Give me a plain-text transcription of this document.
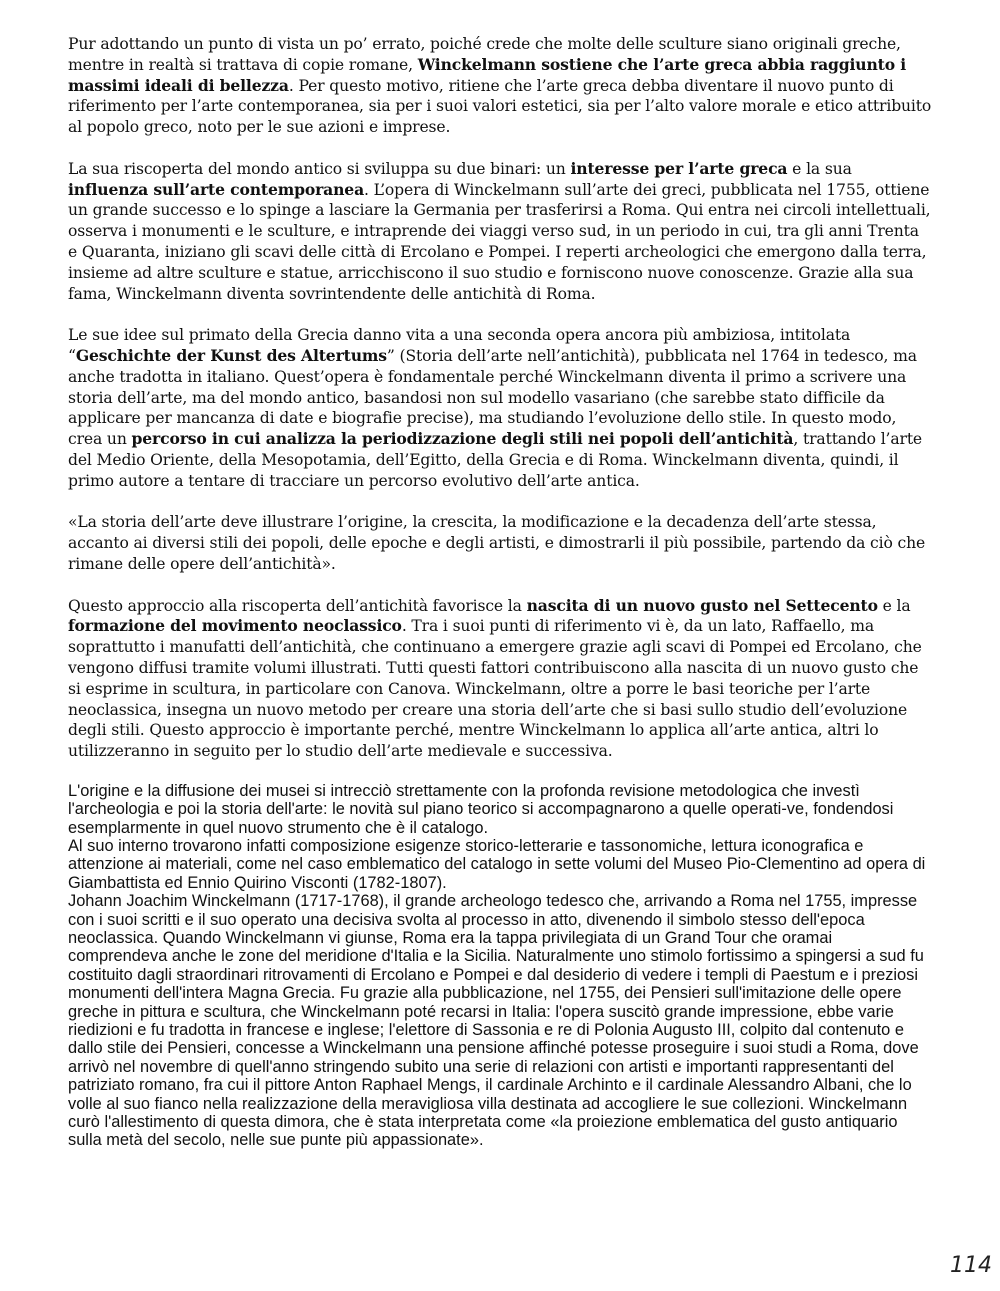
Pur adottando un punto di vista un po’ errato, poiché crede che molte delle sculture siano originali greche, mentre in realtà si trattava di copie romane, Winckelmann sostiene che l’arte greca abbia raggiunto i massimi ideali di bellezza. Per questo motivo, ritiene che l’arte greca debba diventare il nuovo punto di riferimento per l’arte contemporanea, sia per i suoi valori estetici, sia per l’alto valore morale e etico attribuito al popolo greco, noto per le sue azioni e imprese.

La sua riscoperta del mondo antico si sviluppa su due binari: un interesse per l’arte greca e la sua influenza sull’arte contemporanea. L’opera di Winckelmann sull’arte dei greci, pubblicata nel 1755, ottiene un grande successo e lo spinge a lasciare la Germania per trasferirsi a Roma. Qui entra nei circoli intellettuali, osserva i monumenti e le sculture, e intraprende dei viaggi verso sud, in un periodo in cui, tra gli anni Trenta e Quaranta, iniziano gli scavi delle città di Ercolano e Pompei. I reperti archeologici che emergono dalla terra, insieme ad altre sculture e statue, arricchiscono il suo studio e forniscono nuove conoscenze. Grazie alla sua fama, Winckelmann diventa sovrintendente delle antichità di Roma.

Le sue idee sul primato della Grecia danno vita a una seconda opera ancora più ambiziosa, intitolata “Geschichte der Kunst des Altertums” (Storia dell’arte nell’antichità), pubblicata nel 1764 in tedesco, ma anche tradotta in italiano. Quest’opera è fondamentale perché Winckelmann diventa il primo a scrivere una storia dell’arte, ma del mondo antico, basandosi non sul modello vasariano (che sarebbe stato difficile da applicare per mancanza di date e biografie precise), ma studiando l’evoluzione dello stile. In questo modo, crea un percorso in cui analizza la periodizzazione degli stili nei popoli dell’antichità, trattando l’arte del Medio Oriente, della Mesopotamia, dell’Egitto, della Grecia e di Roma. Winckelmann diventa, quindi, il primo autore a tentare di tracciare un percorso evolutivo dell’arte antica.

«La storia dell’arte deve illustrare l’origine, la crescita, la modificazione e la decadenza dell’arte stessa, accanto ai diversi stili dei popoli, delle epoche e degli artisti, e dimostrarli il più possibile, partendo da ciò che rimane delle opere dell’antichità».

Questo approccio alla riscoperta dell’antichità favorisce la nascita di un nuovo gusto nel Settecento e la formazione del movimento neoclassico. Tra i suoi punti di riferimento vi è, da un lato, Raffaello, ma soprattutto i manufatti dell’antichità, che continuano a emergere grazie agli scavi di Pompei ed Ercolano, che vengono diffusi tramite volumi illustrati. Tutti questi fattori contribuiscono alla nascita di un nuovo gusto che si esprime in scultura, in particolare con Canova. Winckelmann, oltre a porre le basi teoriche per l’arte neoclassica, insegna un nuovo metodo per creare una storia dell’arte che si basi sullo studio dell’evoluzione degli stili. Questo approccio è importante perché, mentre Winckelmann lo applica all’arte antica, altri lo utilizzeranno in seguito per lo studio dell’arte medievale e successiva.

L'origine e la diffusione dei musei si intrecciò strettamente con la profonda revisione metodologica che investì l'archeologia e poi la storia dell'arte: le novità sul piano teorico si accompagnarono a quelle operati-ve, fondendosi esemplarmente in quel nuovo strumento che è il catalogo.

Al suo interno trovarono infatti composizione esigenze storico-letterarie e tassonomiche, lettura iconografica e attenzione ai materiali, come nel caso emblematico del catalogo in sette volumi del Museo Pio-Clementino ad opera di Giambattista ed Ennio Quirino Visconti (1782-1807).

Johann Joachim Winckelmann (1717-1768), il grande archeologo tedesco che, arrivando a Roma nel 1755, impresse con i suoi scritti e il suo operato una decisiva svolta al processo in atto, divenendo il simbolo stesso dell'epoca neoclassica. Quando Winckelmann vi giunse, Roma era la tappa privilegiata di un Grand Tour che oramai comprendeva anche le zone del meridione d'Italia e la Sicilia. Naturalmente uno stimolo fortissimo a spingersi a sud fu costituito dagli straordinari ritrovamenti di Ercolano e Pompei e dal desiderio di vedere i templi di Paestum e i preziosi monumenti dell'intera Magna Grecia. Fu grazie alla pubblicazione, nel 1755, dei Pensieri sull'imitazione delle opere greche in pittura e scultura, che Winckelmann poté recarsi in Italia: l'opera suscitò grande impressione, ebbe varie riedizioni e fu tradotta in francese e inglese; l'elettore di Sassonia e re di Polonia Augusto III, colpito dal contenuto e dallo stile dei Pensieri, concesse a Winckelmann una pensione affinché potesse proseguire i suoi studi a Roma, dove arrivò nel novembre di quell'anno stringendo subito una serie di relazioni con artisti e importanti rappresentanti del patriziato romano, fra cui il pittore Anton Raphael Mengs, il cardinale Archinto e il cardinale Alessandro Albani, che lo volle al suo fianco nella realizzazione della meravigliosa villa destinata ad accogliere le sue collezioni. Winckelmann curò l'allestimento di questa dimora, che è stata interpretata come «la proiezione emblematica del gusto antiquario sulla metà del secolo, nelle sue punte più appassionate».

114
